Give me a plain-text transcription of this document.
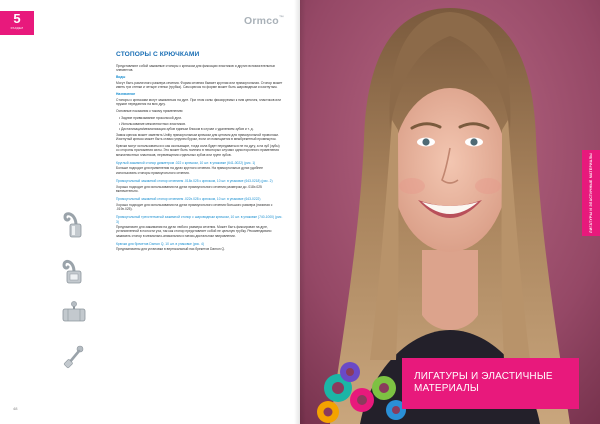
5
РАЗДЕЛ
Ormco™
СТОПОРЫ С КРЮЧКАМИ
Представляют собой зажимные стопоры с крючком для фиксации эластиков и других вспомогательных элементов.
Виды
Могут быть различного размера сечения. Форма сечения бывает круглая или прямоугольная. Стопор может иметь три стенки и четыре стенки (трубка). Сам крючок по форме может быть шаровидным и изогнутым.
Назначение
Стопоры с крючками могут зажиматься на дуге. При этом силы фиксируемых к ним цепочек, эластиков или пружин передаются на всю дугу.
Основные показания к такому применению:
• Задние привязывание прокольчой дуги.
• Использование межчелюстных эластиков.
• Дистализация/мезиализация зубов единым блоком в случае с удалением зубов и т. д.
Замок крючок может заменять Unitty прямоугольным крючком для цепочек для прямоугольной проволоки. Изогнутый крючок может быть ставко упругим буром, если он помещается в межбрекетный промежуток.
Крючки могут использоваться и как скользящие, тогда сила будет передаваться не на дугу, а на зуб (зубы) со стороны приложения силы. Это может быть полезно в некоторых случаях односторонного применения межчелюстных эластиков, перемещении отдельных зубов или групп зубов.
Круглый зажимной стопор диаметром .022 с крючком, 10 шт. в упаковке (641-0022) (рис. 1)
Больше подходит для применения на дугах круглого сечения. На прямоугольных дугах удобнее использовать стопоры прямоугольного сечения.
Прямоугольный зажимной стопор сечением .018x.025 с крючком, 10 шт. в упаковке (643-0218) (рис. 2)
Хорошо подходит для использования на дугах прямоугольного сечения размером до .018x.025 включительно.
Прямоугольный зажимной стопор сечением .022x.028 с крючком, 10 шт. в упаковке (643-0222)
Хорошо подходит для использования на дугах прямоугольного сечения большого размера (начиная с .019x.025).
Прямоугольный трехстенчатый зажимной стопор с шаровидным крючком, 10 шт. в упаковке (740-1000) (рис. 3)
Предназначен для зажимания на дугах любого размера сечения. Может быть фиксирован на дуге, установленной в полости уха, так как стопор представляет собой не цельную трубку. Рекомендовано зажимать стопор в мезиально-апикальном и мезио-дистальном направлении.
Крючки для брекетов Damon Q, 10 шт. в упаковке (рис. 4)
Предназначены для установки в вертикальный паз брекетов Damon Q.
48
ЛИГАТУРЫ И ЭЛАСТИЧНЫЕ МАТЕРИАЛЫ
ЛИГАТУРЫ И ЭЛАСТИЧНЫЕ
МАТЕРИАЛЫ
